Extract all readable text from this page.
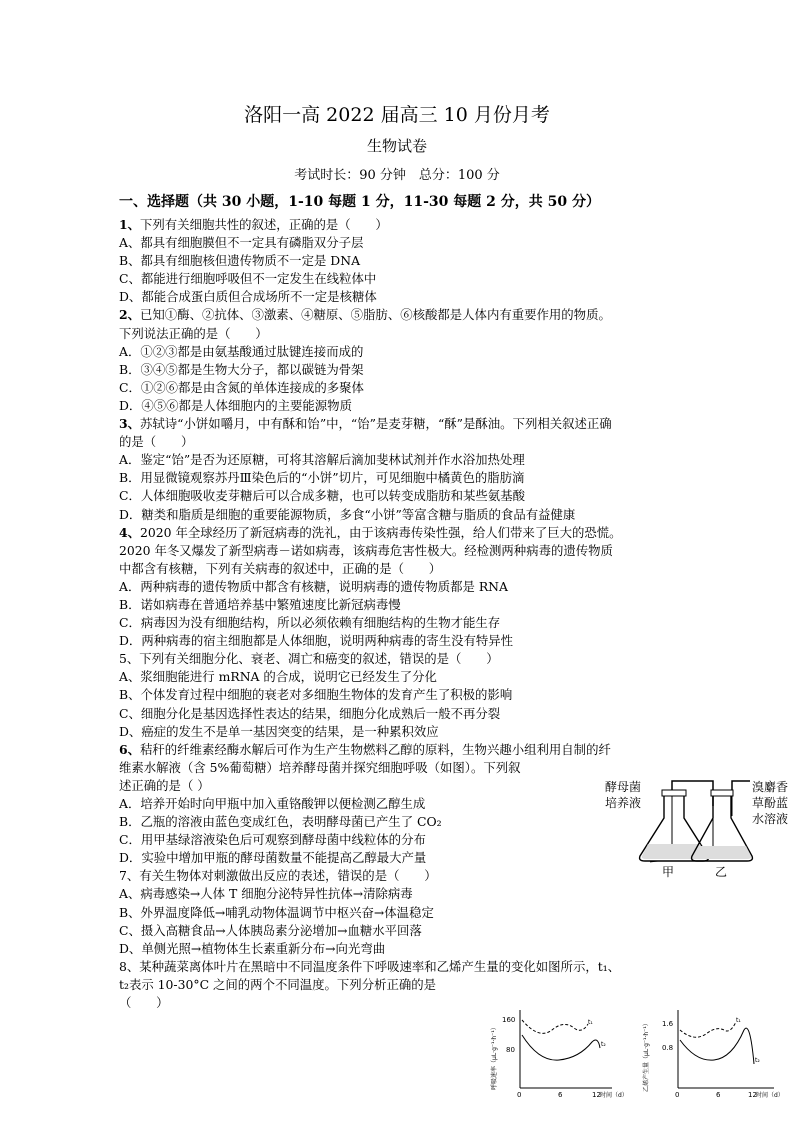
洛阳一高 2022 届高三 10 月份月考
生物试卷
考试时长：90 分钟　总分：100 分
一、选择题（共 30 小题，1-10 每题 1 分，11-30 每题 2 分，共 50 分）
1、下列有关细胞共性的叙述，正确的是（　　）
A、都具有细胞膜但不一定具有磷脂双分子层
B、都具有细胞核但遗传物质不一定是 DNA
C、都能进行细胞呼吸但不一定发生在线粒体中
D、都能合成蛋白质但合成场所不一定是核糖体
2、已知①酶、②抗体、③激素、④糖原、⑤脂肪、⑥核酸都是人体内有重要作用的物质。
下列说法正确的是（　　）
A．①②③都是由氨基酸通过肽键连接而成的
B．③④⑤都是生物大分子，都以碳链为骨架
C．①②⑥都是由含氮的单体连接成的多聚体
D．④⑤⑥都是人体细胞内的主要能源物质
3、苏轼诗“小饼如嚼月，中有酥和饴”中，“饴”是麦芽糖，“酥”是酥油。下列相关叙述正确
的是（　　）
A．鉴定“饴”是否为还原糖，可将其溶解后滴加斐林试剂并作水浴加热处理
B．用显微镜观察苏丹Ⅲ染色后的“小饼”切片，可见细胞中橘黄色的脂肪滴
C．人体细胞吸收麦芽糖后可以合成多糖，也可以转变成脂肪和某些氨基酸
D．糖类和脂质是细胞的重要能源物质，多食“小饼”等富含糖与脂质的食品有益健康
4、2020 年全球经历了新冠病毒的洗礼，由于该病毒传染性强，给人们带来了巨大的恐慌。
2020 年冬又爆发了新型病毒－诺如病毒，该病毒危害性极大。经检测两种病毒的遗传物质
中都含有核糖，下列有关病毒的叙述中，正确的是（　　）
A．两种病毒的遗传物质中都含有核糖，说明病毒的遗传物质都是 RNA
B．诺如病毒在普通培养基中繁殖速度比新冠病毒慢
C．病毒因为没有细胞结构，所以必须依赖有细胞结构的生物才能生存
D．两种病毒的宿主细胞都是人体细胞，说明两种病毒的寄生没有特异性
5、下列有关细胞分化、衰老、凋亡和癌变的叙述，错误的是（　　）
A、浆细胞能进行 mRNA 的合成，说明它已经发生了分化
B、个体发育过程中细胞的衰老对多细胞生物体的发育产生了积极的影响
C、细胞分化是基因选择性表达的结果，细胞分化成熟后一般不再分裂
D、癌症的发生不是单一基因突变的结果，是一种累积效应
6、秸秆的纤维素经酶水解后可作为生产生物燃料乙醇的原料，生物兴趣小组利用自制的纤
维素水解液（含 5%葡萄糖）培养酵母菌并探究细胞呼吸（如图）。下列叙
述正确的是（ ）
A．培养开始时向甲瓶中加入重铬酸钾以便检测乙醇生成
B．乙瓶的溶液由蓝色变成红色，表明酵母菌已产生了 CO₂
C．用甲基绿溶液染色后可观察到酵母菌中线粒体的分布
D．实验中增加甲瓶的酵母菌数量不能提高乙醇最大产量
7、有关生物体对刺激做出反应的表述，错误的是（　　）
A、病毒感染→人体 T 细胞分泌特异性抗体→清除病毒
B、外界温度降低→哺乳动物体温调节中枢兴奋→体温稳定
C、摄入高糖食品→人体胰岛素分泌增加→血糖水平回落
D、单侧光照→植物体生长素重新分布→向光弯曲
8、某种蔬菜离体叶片在黑暗中不同温度条件下呼吸速率和乙烯产生量的变化如图所示，t₁、
t₂表示 10-30°C 之间的两个不同温度。下列分析正确的是
（　　）
酵母菌
培养液
溴麝香
草酚蓝
水溶液
甲	乙
呼吸速率（μL·g⁻¹·h⁻¹）
160
80
0	6	12 时间（d）
t₁
t₂	乙烯产生量（μL·g⁻¹·h⁻¹） 1.6
0.8
0	6	12 时间（d）
t₁
t₂
